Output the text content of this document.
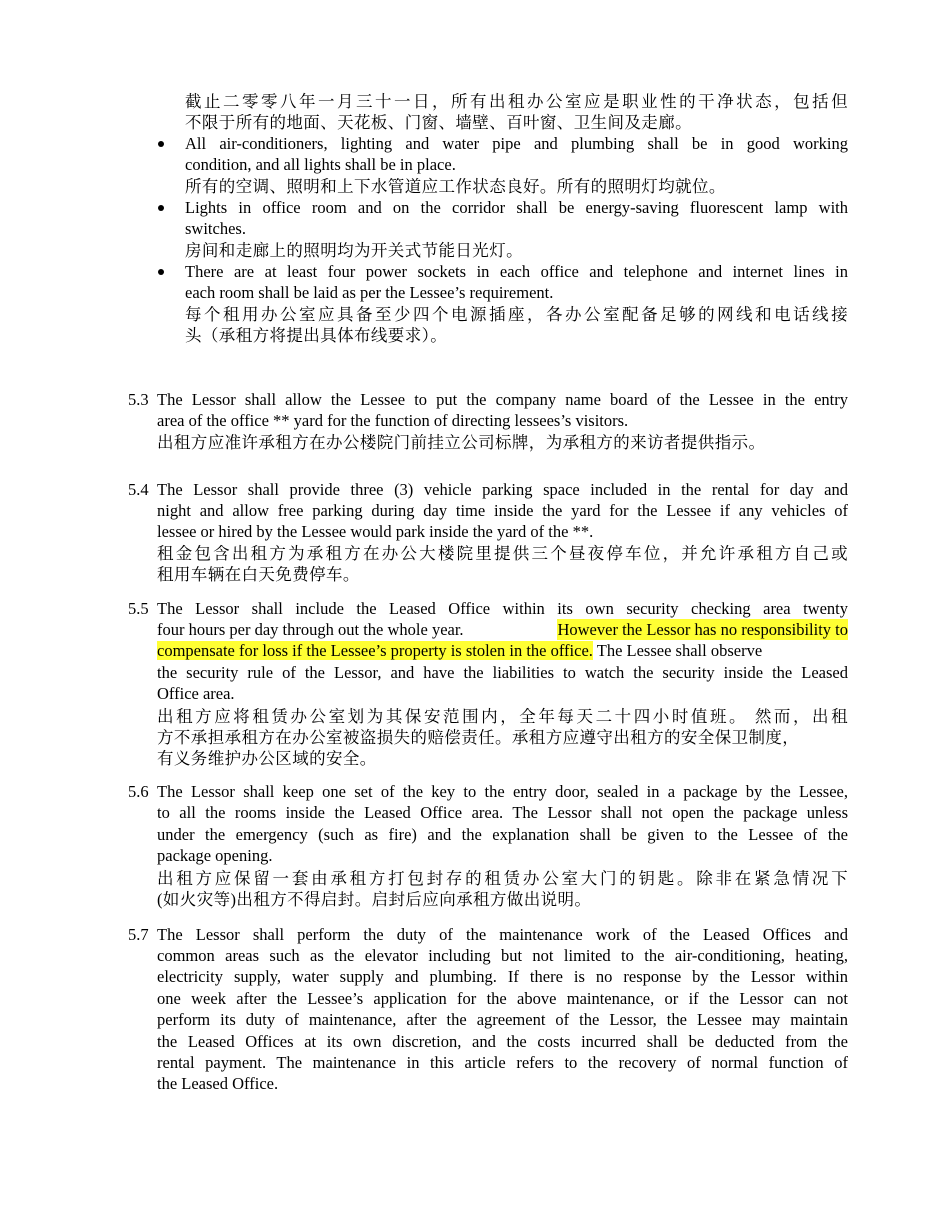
截止二零零八年一月三十一日，所有出租办公室应是职业性的干净状态，包括但
不限于所有的地面、天花板、门窗、墙壁、百叶窗、卫生间及走廊。
All air-conditioners, lighting and water pipe and plumbing shall be in good working
condition, and all lights shall be in place.
所有的空调、照明和上下水管道应工作状态良好。所有的照明灯均就位。
Lights in office room and on the corridor shall be energy-saving fluorescent lamp with
switches.
房间和走廊上的照明均为开关式节能日光灯。
There are at least four power sockets in each office and telephone and internet lines in
each room shall be laid as per the Lessee’s requirement.
每个租用办公室应具备至少四个电源插座，各办公室配备足够的网线和电话线接
头（承租方将提出具体布线要求）。
5.3 The Lessor shall allow the Lessee to put the company name board of the Lessee in the entry
area of the office ** yard for the function of directing lessees’s visitors.
出租方应准许承租方在办公楼院门前挂立公司标牌，为承租方的来访者提供指示。
5.4 The Lessor shall provide three (3) vehicle parking space included in the rental for day and
night and allow free parking during day time inside the yard for the Lessee if any vehicles of
lessee or hired by the Lessee would park inside the yard of the **.
租金包含出租方为承租方在办公大楼院里提供三个昼夜停车位，并允许承租方自己或
租用车辆在白天免费停车。
5.5 The Lessor shall include the Leased Office within its own security checking area twenty
four hours per day through out the whole year.	However the Lessor has no responsibility to
compensate for loss if the Lessee’s property is stolen in the office. The Lessee shall observe
the security rule of the Lessor, and have the liabilities to watch the security inside the Leased
Office area.
出租方应将租赁办公室划为其保安范围内，全年每天二十四小时值班。 然而，出租
方不承担承租方在办公室被盗损失的赔偿责任。承租方应遵守出租方的安全保卫制度，
有义务维护办公区域的安全。
5.6 The Lessor shall keep one set of the key to the entry door, sealed in a package by the Lessee,
to all the rooms inside the Leased Office area. The Lessor shall not open the package unless
under the emergency (such as fire) and the explanation shall be given to the Lessee of the
package opening.
出租方应保留一套由承租方打包封存的租赁办公室大门的钥匙。除非在紧急情况下
(如火灾等)出租方不得启封。启封后应向承租方做出说明。
5.7 The Lessor shall perform the duty of the maintenance work of the Leased Offices and
common areas such as the elevator including but not limited to the air-conditioning, heating,
electricity supply, water supply and plumbing. If there is no response by the Lessor within
one week after the Lessee’s application for the above maintenance, or if the Lessor can not
perform its duty of maintenance, after the agreement of the Lessor, the Lessee may maintain
the Leased Offices at its own discretion, and the costs incurred shall be deducted from the
rental payment. The maintenance in this article refers to the recovery of normal function of
the Leased Office.
